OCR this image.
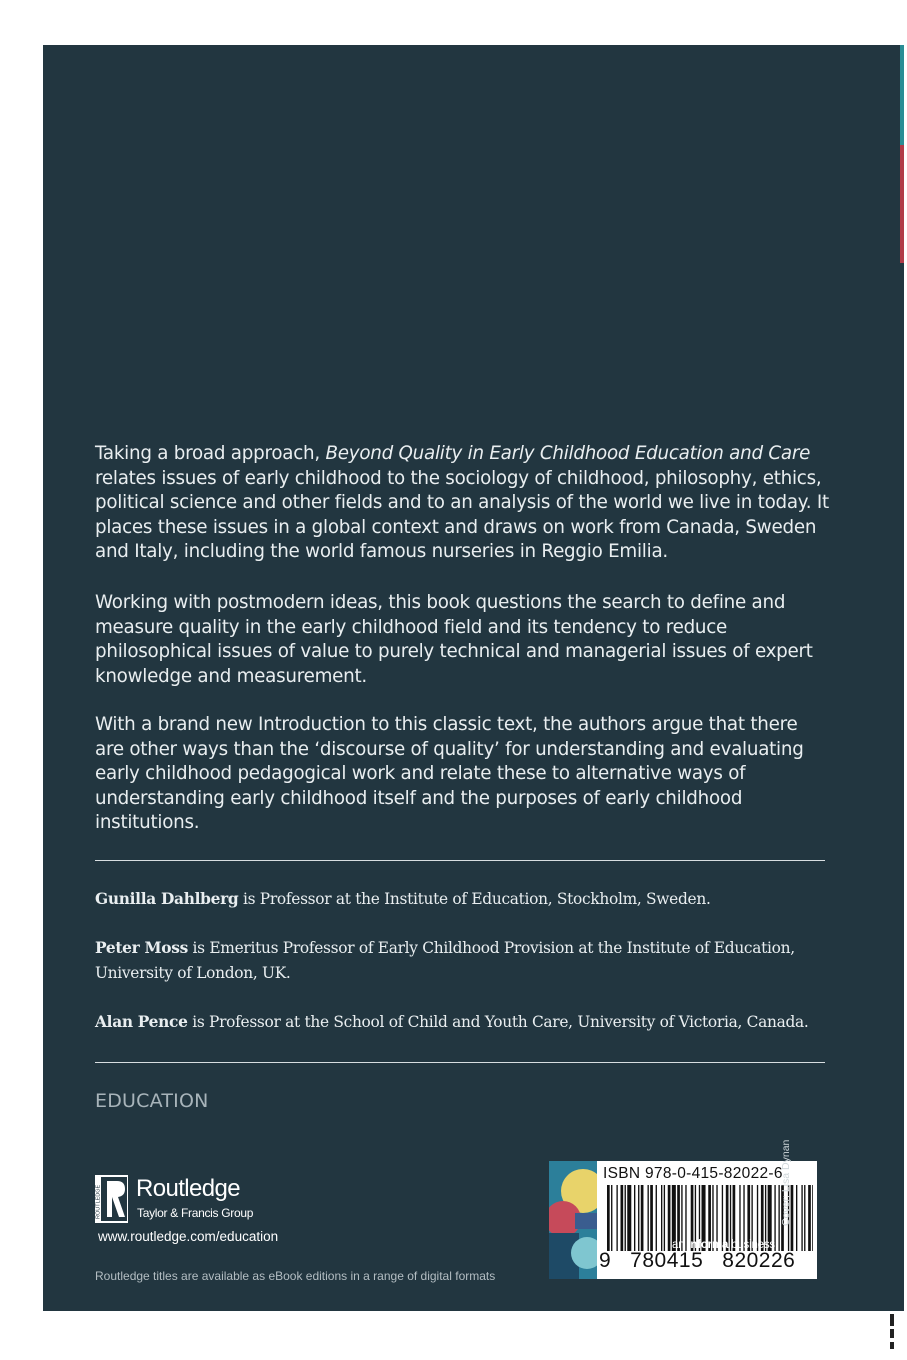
Taking a broad approach, Beyond Quality in Early Childhood Education and Care relates issues of early childhood to the sociology of childhood, philosophy, ethics, political science and other fields and to an analysis of the world we live in today. It places these issues in a global context and draws on work from Canada, Sweden and Italy, including the world famous nurseries in Reggio Emilia.
Working with postmodern ideas, this book questions the search to define and measure quality in the early childhood field and its tendency to reduce philosophical issues of value to purely technical and managerial issues of expert knowledge and measurement.
With a brand new Introduction to this classic text, the authors argue that there are other ways than the ‘discourse of quality’ for understanding and evaluating early childhood pedagogical work and relate these to alternative ways of understanding early childhood itself and the purposes of early childhood institutions.
Gunilla Dahlberg is Professor at the Institute of Education, Stockholm, Sweden.
Peter Moss is Emeritus Professor of Early Childhood Provision at the Institute of Education, University of London, UK.
Alan Pence is Professor at the School of Child and Youth Care, University of Victoria, Canada.
EDUCATION
ROUTLEDGE Routledge
Taylor & Francis Group
www.routledge.com/education
Routledge titles are available as eBook editions in a range of digital formats
ISBN 978-0-415-82022-6
9   780415   820226
an informa business
Cover: Lisa Dynan
